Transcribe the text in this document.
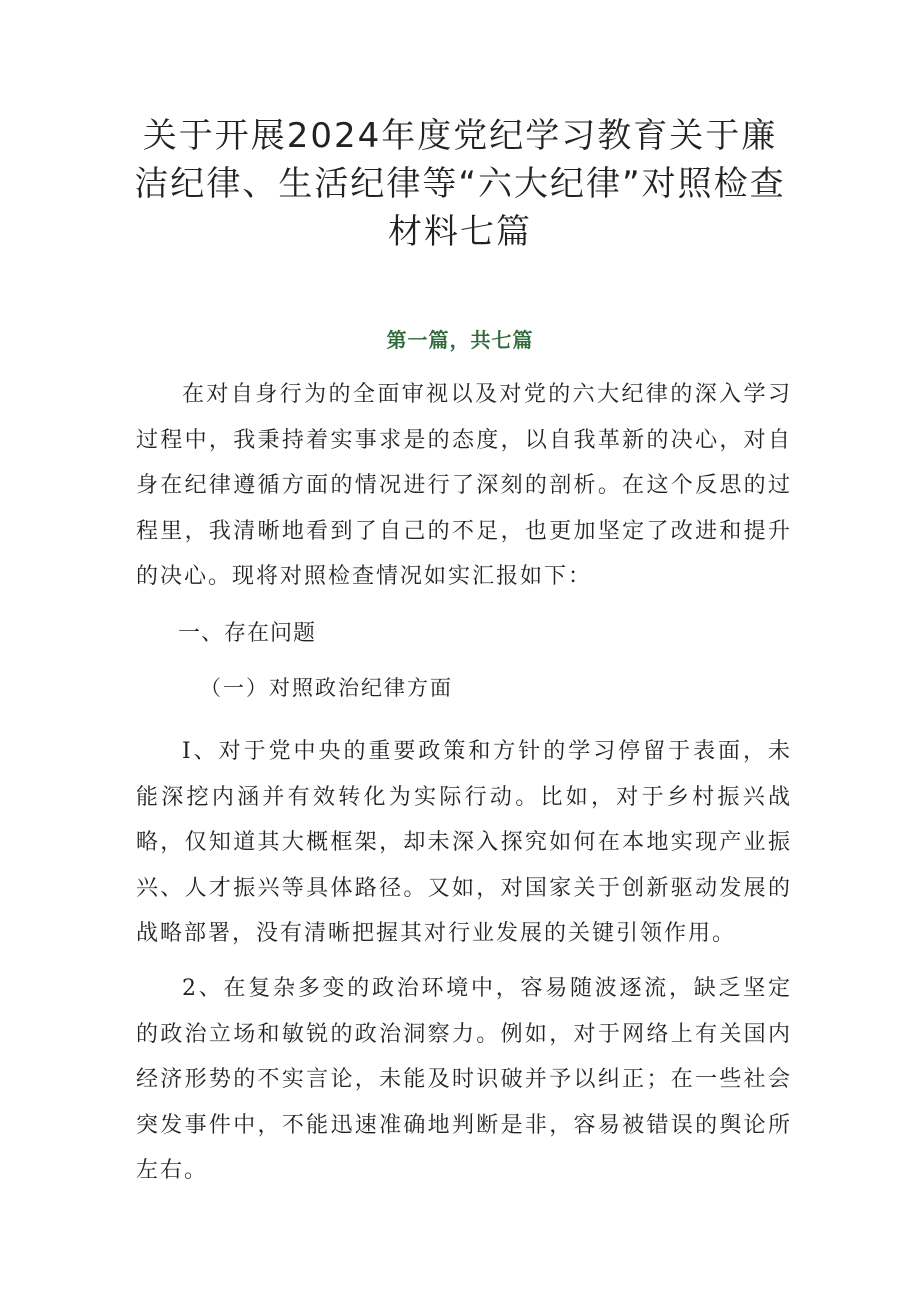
关于开展2024年度党纪学习教育关于廉洁纪律、生活纪律等“六大纪律”对照检查材料七篇
第一篇，共七篇

在对自身行为的全面审视以及对党的六大纪律的深入学习过程中，我秉持着实事求是的态度，以自我革新的决心，对自身在纪律遵循方面的情况进行了深刻的剖析。在这个反思的过程里，我清晰地看到了自己的不足，也更加坚定了改进和提升的决心。现将对照检查情况如实汇报如下：

一、存在问题
（一）对照政治纪律方面

I、对于党中央的重要政策和方针的学习停留于表面，未能深挖内涵并有效转化为实际行动。比如，对于乡村振兴战略，仅知道其大概框架，却未深入探究如何在本地实现产业振兴、人才振兴等具体路径。又如，对国家关于创新驱动发展的战略部署，没有清晰把握其对行业发展的关键引领作用。

2、在复杂多变的政治环境中，容易随波逐流，缺乏坚定的政治立场和敏锐的政治洞察力。例如，对于网络上有关国内经济形势的不实言论，未能及时识破并予以纠正；在一些社会突发事件中，不能迅速准确地判断是非，容易被错误的舆论所左右。
